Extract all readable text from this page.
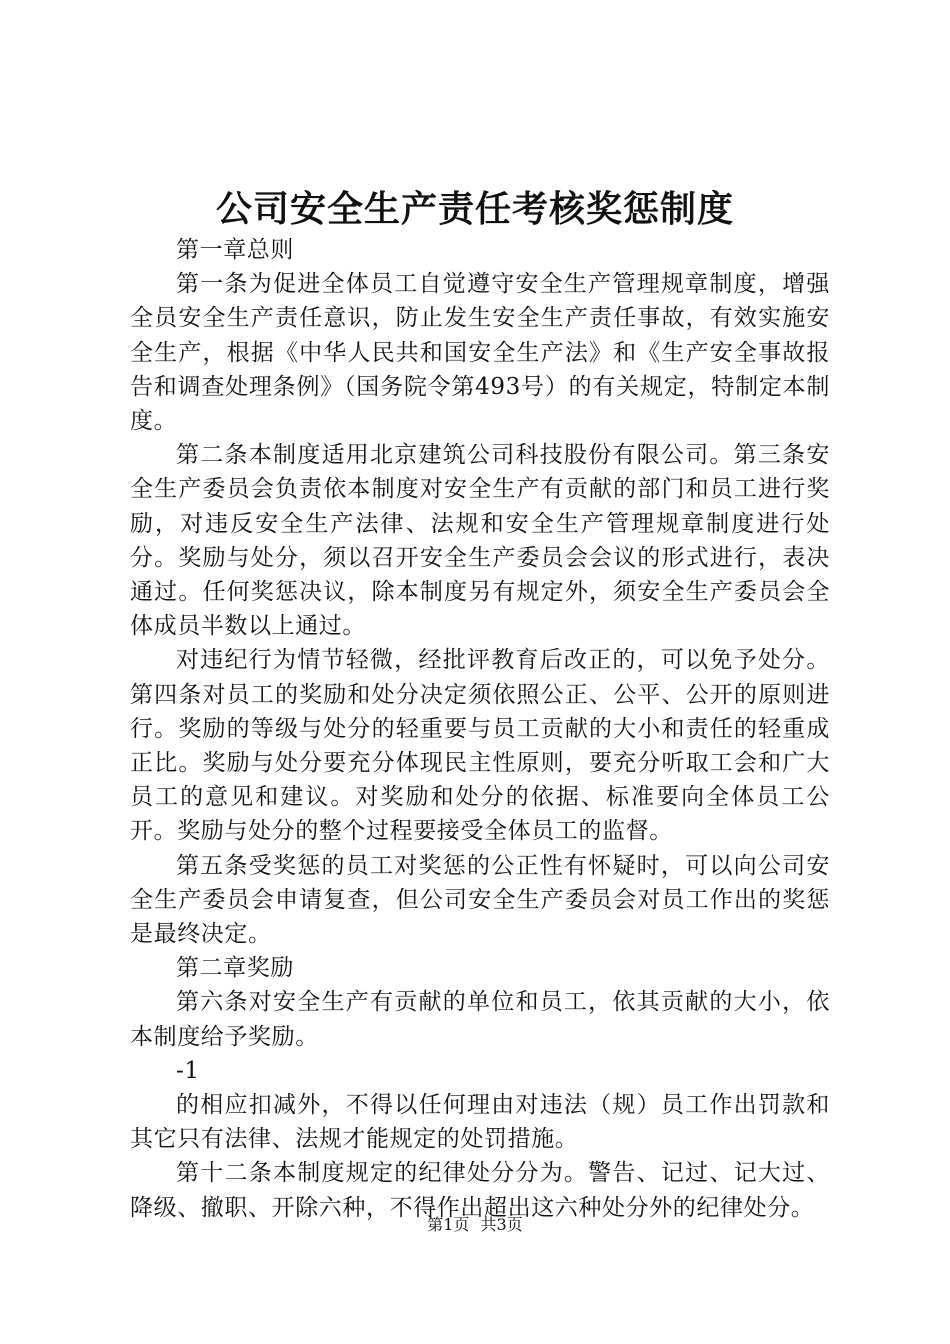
公司安全生产责任考核奖惩制度

第一章总则

第一条为促进全体员工自觉遵守安全生产管理规章制度，增强全员安全生产责任意识，防止发生安全生产责任事故，有效实施安全生产，根据《中华人民共和国安全生产法》和《生产安全事故报告和调查处理条例》（国务院令第493号）的有关规定，特制定本制度。

第二条本制度适用北京建筑公司科技股份有限公司。第三条安全生产委员会负责依本制度对安全生产有贡献的部门和员工进行奖励，对违反安全生产法律、法规和安全生产管理规章制度进行处分。奖励与处分，须以召开安全生产委员会会议的形式进行，表决通过。任何奖惩决议，除本制度另有规定外，须安全生产委员会全体成员半数以上通过。

对违纪行为情节轻微，经批评教育后改正的，可以免予处分。第四条对员工的奖励和处分决定须依照公正、公平、公开的原则进行。奖励的等级与处分的轻重要与员工贡献的大小和责任的轻重成正比。奖励与处分要充分体现民主性原则，要充分听取工会和广大员工的意见和建议。对奖励和处分的依据、标准要向全体员工公开。奖励与处分的整个过程要接受全体员工的监督。

第五条受奖惩的员工对奖惩的公正性有怀疑时，可以向公司安全生产委员会申请复查，但公司安全生产委员会对员工作出的奖惩是最终决定。

第二章奖励

第六条对安全生产有贡献的单位和员工，依其贡献的大小，依本制度给予奖励。

-1

的相应扣减外，不得以任何理由对违法（规）员工作出罚款和其它只有法律、法规才能规定的处罚措施。

第十二条本制度规定的纪律处分分为。警告、记过、记大过、降级、撤职、开除六种，不得作出超出这六种处分外的纪律处分。

第1页 共3页
